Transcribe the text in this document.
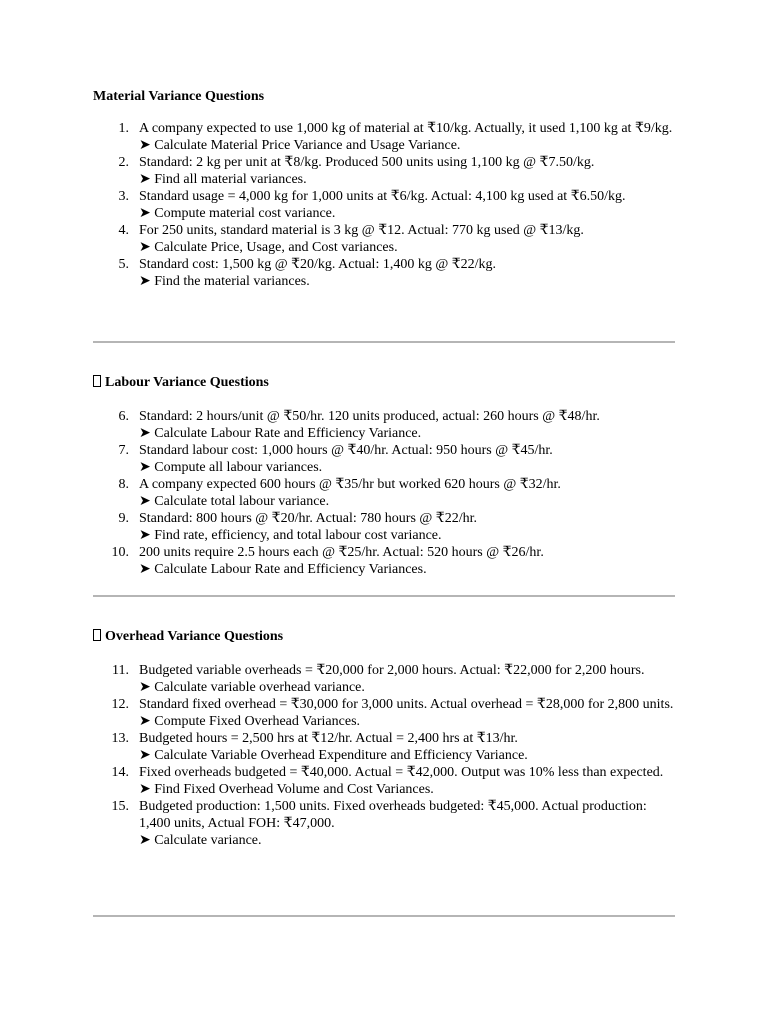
Material Variance Questions
1. A company expected to use 1,000 kg of material at ₹10/kg. Actually, it used 1,100 kg at ₹9/kg.
➤ Calculate Material Price Variance and Usage Variance.
2. Standard: 2 kg per unit at ₹8/kg. Produced 500 units using 1,100 kg @ ₹7.50/kg.
➤ Find all material variances.
3. Standard usage = 4,000 kg for 1,000 units at ₹6/kg. Actual: 4,100 kg used at ₹6.50/kg.
➤ Compute material cost variance.
4. For 250 units, standard material is 3 kg @ ₹12. Actual: 770 kg used @ ₹13/kg.
➤ Calculate Price, Usage, and Cost variances.
5. Standard cost: 1,500 kg @ ₹20/kg. Actual: 1,400 kg @ ₹22/kg.
➤ Find the material variances.
Labour Variance Questions
6. Standard: 2 hours/unit @ ₹50/hr. 120 units produced, actual: 260 hours @ ₹48/hr.
➤ Calculate Labour Rate and Efficiency Variance.
7. Standard labour cost: 1,000 hours @ ₹40/hr. Actual: 950 hours @ ₹45/hr.
➤ Compute all labour variances.
8. A company expected 600 hours @ ₹35/hr but worked 620 hours @ ₹32/hr.
➤ Calculate total labour variance.
9. Standard: 800 hours @ ₹20/hr. Actual: 780 hours @ ₹22/hr.
➤ Find rate, efficiency, and total labour cost variance.
10. 200 units require 2.5 hours each @ ₹25/hr. Actual: 520 hours @ ₹26/hr.
➤ Calculate Labour Rate and Efficiency Variances.
Overhead Variance Questions
11. Budgeted variable overheads = ₹20,000 for 2,000 hours. Actual: ₹22,000 for 2,200 hours.
➤ Calculate variable overhead variance.
12. Standard fixed overhead = ₹30,000 for 3,000 units. Actual overhead = ₹28,000 for 2,800 units.
➤ Compute Fixed Overhead Variances.
13. Budgeted hours = 2,500 hrs at ₹12/hr. Actual = 2,400 hrs at ₹13/hr.
➤ Calculate Variable Overhead Expenditure and Efficiency Variance.
14. Fixed overheads budgeted = ₹40,000. Actual = ₹42,000. Output was 10% less than expected.
➤ Find Fixed Overhead Volume and Cost Variances.
15. Budgeted production: 1,500 units. Fixed overheads budgeted: ₹45,000. Actual production: 1,400 units, Actual FOH: ₹47,000.
➤ Calculate variance.
